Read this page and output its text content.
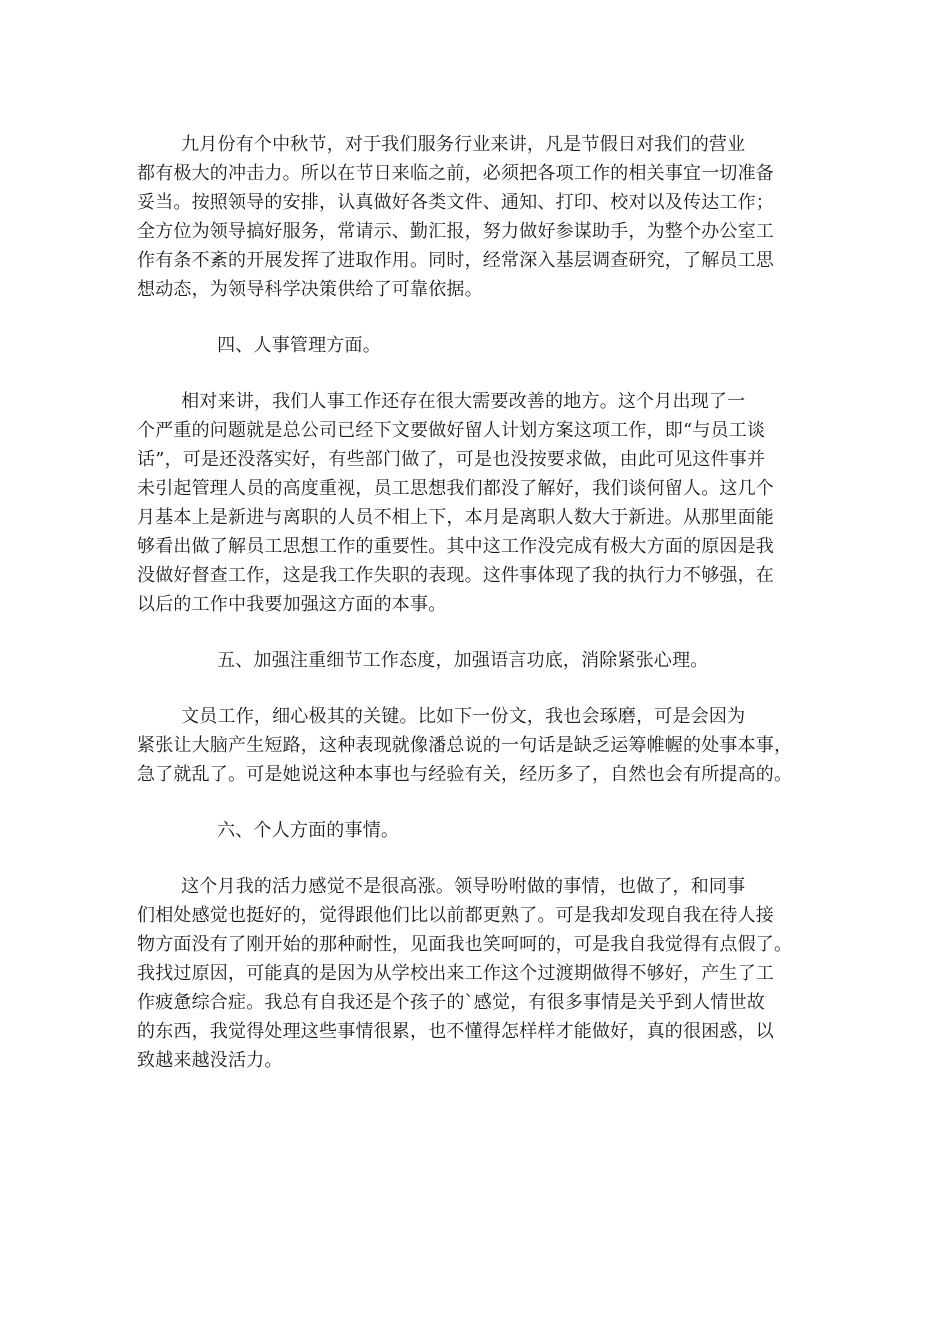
九月份有个中秋节，对于我们服务行业来讲，凡是节假日对我们的营业
都有极大的冲击力。所以在节日来临之前，必须把各项工作的相关事宜一切准备
妥当。按照领导的安排，认真做好各类文件、通知、打印、校对以及传达工作；
全方位为领导搞好服务，常请示、勤汇报，努力做好参谋助手，为整个办公室工
作有条不紊的开展发挥了进取作用。同时，经常深入基层调查研究，了解员工思
想动态，为领导科学决策供给了可靠依据。
四、人事管理方面。
相对来讲，我们人事工作还存在很大需要改善的地方。这个月出现了一
个严重的问题就是总公司已经下文要做好留人计划方案这项工作，即“与员工谈
话”，可是还没落实好，有些部门做了，可是也没按要求做，由此可见这件事并
未引起管理人员的高度重视，员工思想我们都没了解好，我们谈何留人。这几个
月基本上是新进与离职的人员不相上下，本月是离职人数大于新进。从那里面能
够看出做了解员工思想工作的重要性。其中这工作没完成有极大方面的原因是我
没做好督查工作，这是我工作失职的表现。这件事体现了我的执行力不够强，在
以后的工作中我要加强这方面的本事。
五、加强注重细节工作态度，加强语言功底，消除紧张心理。
文员工作，细心极其的关键。比如下一份文，我也会琢磨，可是会因为
紧张让大脑产生短路，这种表现就像潘总说的一句话是缺乏运筹帷幄的处事本事，
急了就乱了。可是她说这种本事也与经验有关，经历多了，自然也会有所提高的。
六、个人方面的事情。
这个月我的活力感觉不是很高涨。领导吩咐做的事情，也做了，和同事
们相处感觉也挺好的，觉得跟他们比以前都更熟了。可是我却发现自我在待人接
物方面没有了刚开始的那种耐性，见面我也笑呵呵的，可是我自我觉得有点假了。
我找过原因，可能真的是因为从学校出来工作这个过渡期做得不够好，产生了工
作疲惫综合症。我总有自我还是个孩子的`感觉，有很多事情是关乎到人情世故
的东西，我觉得处理这些事情很累，也不懂得怎样样才能做好，真的很困惑，以
致越来越没活力。
